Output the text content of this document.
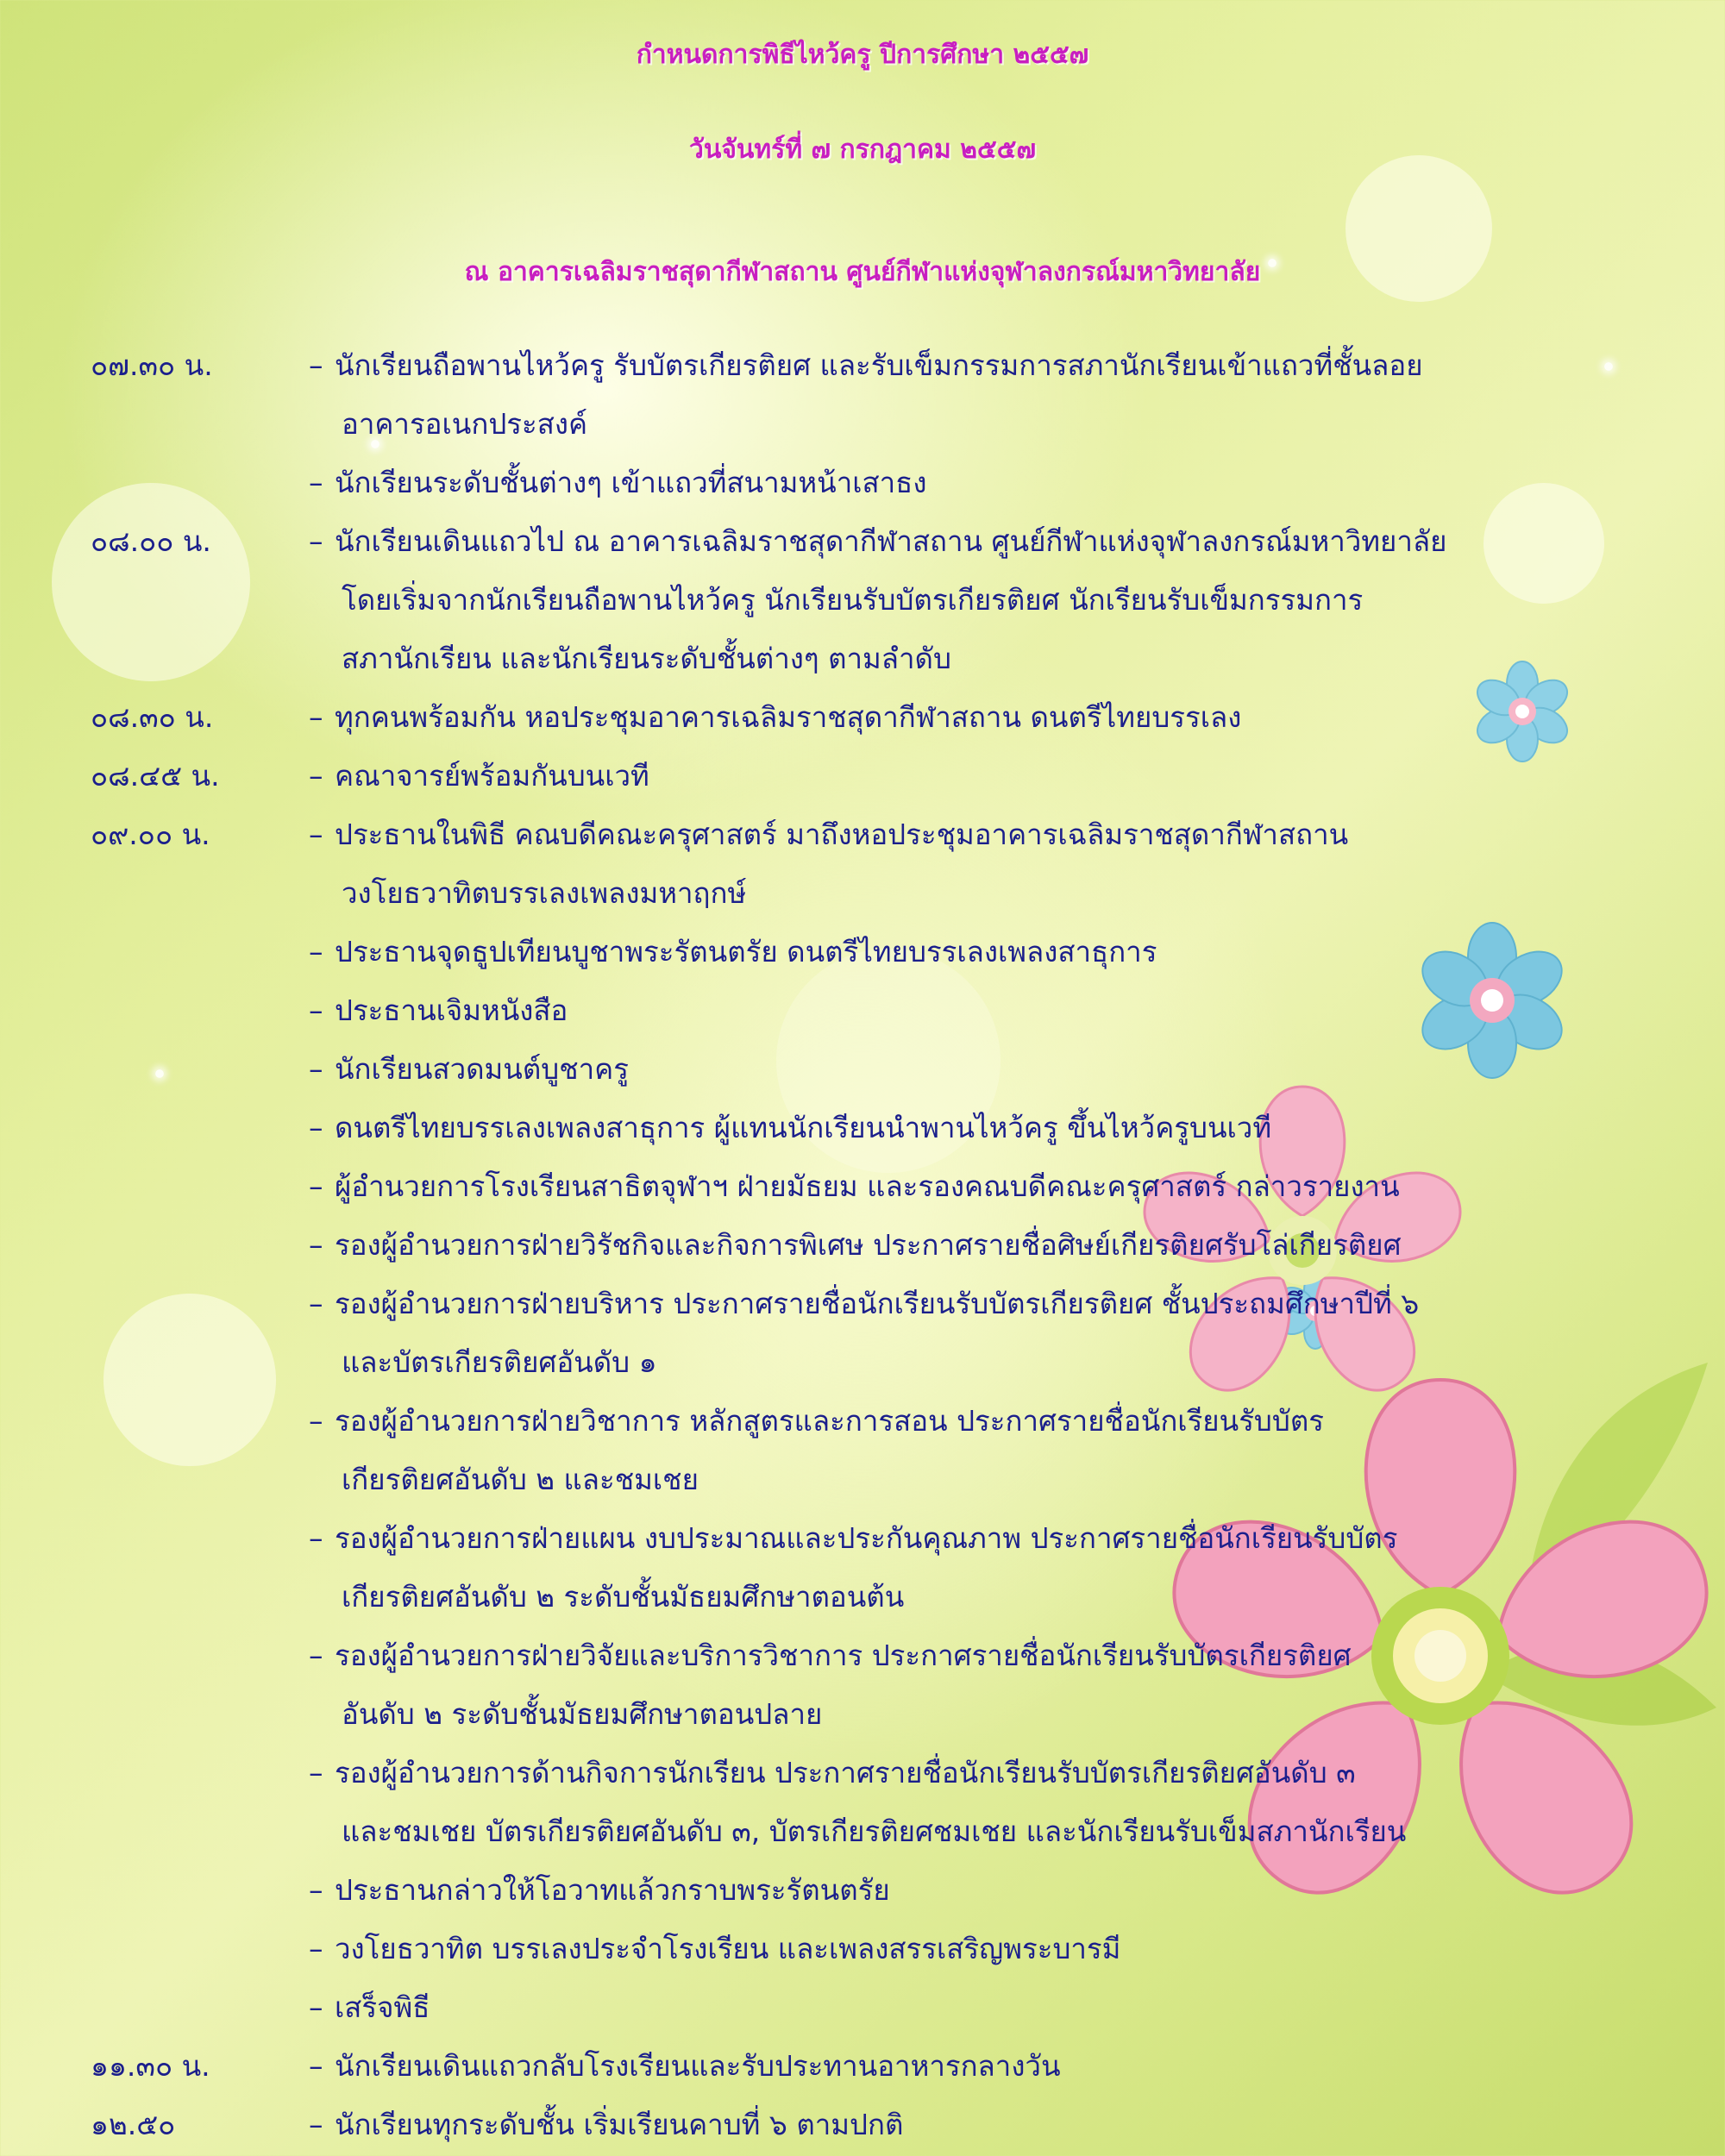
กำหนดการพิธีไหว้ครู ปีการศึกษา ๒๕๕๗
วันจันทร์ที่ ๗ กรกฎาคม ๒๕๕๗
ณ อาคารเฉลิมราชสุดากีฬาสถาน ศูนย์กีฬาแห่งจุฬาลงกรณ์มหาวิทยาลัย
๐๗.๓๐ น.	– นักเรียนถือพานไหว้ครู รับบัตรเกียรติยศ และรับเข็มกรรมการสภานักเรียนเข้าแถวที่ชั้นลอย
อาคารอเนกประสงค์
– นักเรียนระดับชั้นต่างๆ เข้าแถวที่สนามหน้าเสาธง
๐๘.๐๐ น.	– นักเรียนเดินแถวไป ณ อาคารเฉลิมราชสุดากีฬาสถาน ศูนย์กีฬาแห่งจุฬาลงกรณ์มหาวิทยาลัย
โดยเริ่มจากนักเรียนถือพานไหว้ครู นักเรียนรับบัตรเกียรติยศ นักเรียนรับเข็มกรรมการ
สภานักเรียน และนักเรียนระดับชั้นต่างๆ ตามลำดับ
๐๘.๓๐ น.	– ทุกคนพร้อมกัน หอประชุมอาคารเฉลิมราชสุดากีฬาสถาน ดนตรีไทยบรรเลง
๐๘.๔๕ น.	– คณาจารย์พร้อมกันบนเวที
๐๙.๐๐ น.	– ประธานในพิธี คณบดีคณะครุศาสตร์ มาถึงหอประชุมอาคารเฉลิมราชสุดากีฬาสถาน
วงโยธวาทิตบรรเลงเพลงมหาฤกษ์
– ประธานจุดธูปเทียนบูชาพระรัตนตรัย ดนตรีไทยบรรเลงเพลงสาธุการ
– ประธานเจิมหนังสือ
– นักเรียนสวดมนต์บูชาครู
– ดนตรีไทยบรรเลงเพลงสาธุการ ผู้แทนนักเรียนนำพานไหว้ครู ขึ้นไหว้ครูบนเวที
– ผู้อำนวยการโรงเรียนสาธิตจุฬาฯ ฝ่ายมัธยม และรองคณบดีคณะครุศาสตร์ กล่าวรายงาน
– รองผู้อำนวยการฝ่ายวิรัชกิจและกิจการพิเศษ ประกาศรายชื่อศิษย์เกียรติยศรับโล่เกียรติยศ
– รองผู้อำนวยการฝ่ายบริหาร ประกาศรายชื่อนักเรียนรับบัตรเกียรติยศ ชั้นประถมศึกษาปีที่ ๖
และบัตรเกียรติยศอันดับ ๑
– รองผู้อำนวยการฝ่ายวิชาการ หลักสูตรและการสอน ประกาศรายชื่อนักเรียนรับบัตร
เกียรติยศอันดับ ๒ และชมเชย
– รองผู้อำนวยการฝ่ายแผน งบประมาณและประกันคุณภาพ ประกาศรายชื่อนักเรียนรับบัตร
เกียรติยศอันดับ ๒ ระดับชั้นมัธยมศึกษาตอนต้น
– รองผู้อำนวยการฝ่ายวิจัยและบริการวิชาการ ประกาศรายชื่อนักเรียนรับบัตรเกียรติยศ
อันดับ ๒ ระดับชั้นมัธยมศึกษาตอนปลาย
– รองผู้อำนวยการด้านกิจการนักเรียน ประกาศรายชื่อนักเรียนรับบัตรเกียรติยศอันดับ ๓
และชมเชย บัตรเกียรติยศอันดับ ๓, บัตรเกียรติยศชมเชย และนักเรียนรับเข็มสภานักเรียน
– ประธานกล่าวให้โอวาทแล้วกราบพระรัตนตรัย
– วงโยธวาทิต บรรเลงประจำโรงเรียน และเพลงสรรเสริญพระบารมี
– เสร็จพิธี
๑๑.๓๐ น.	– นักเรียนเดินแถวกลับโรงเรียนและรับประทานอาหารกลางวัน
๑๒.๕๐	– นักเรียนทุกระดับชั้น เริ่มเรียนคาบที่ ๖ ตามปกติ
